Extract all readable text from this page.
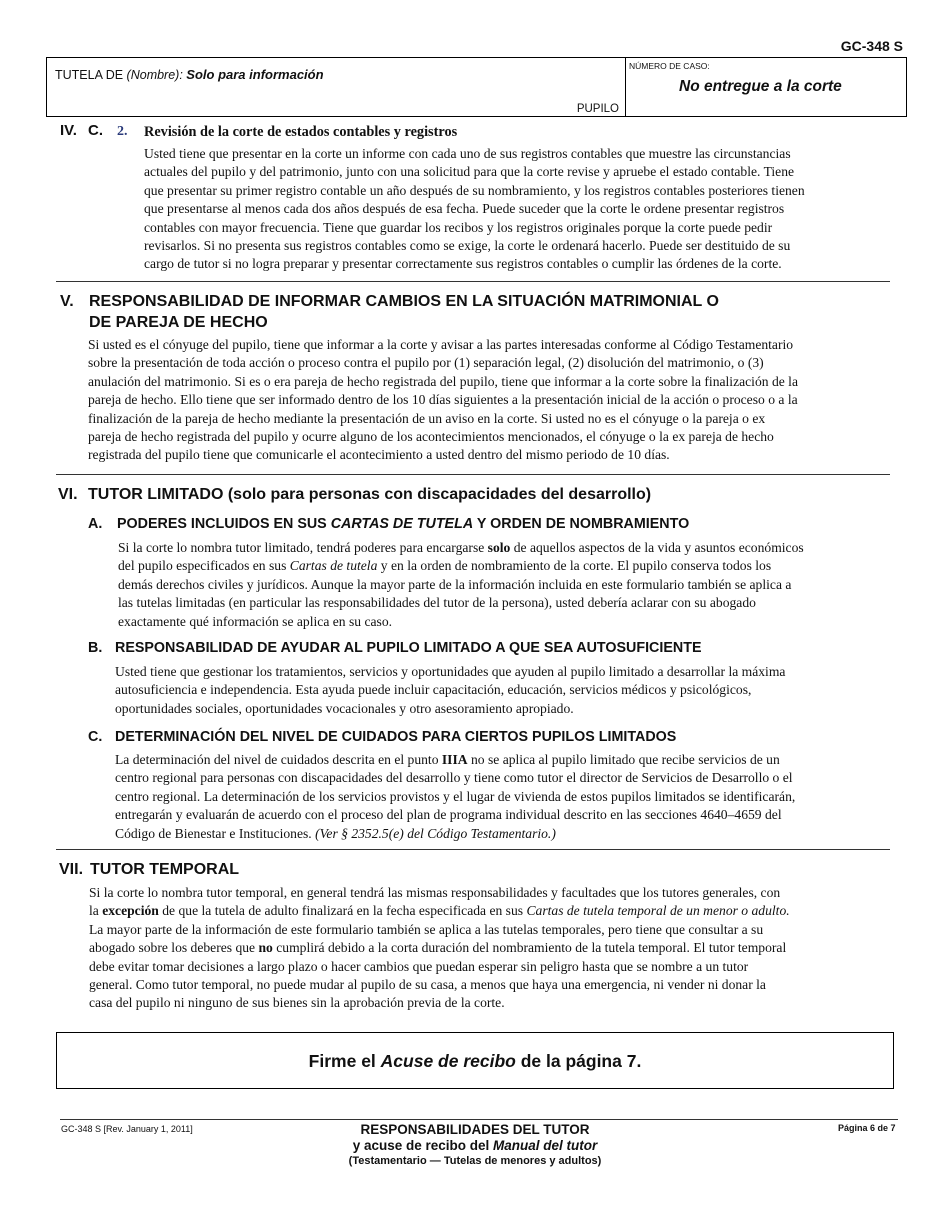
GC-348 S
TUTELA DE (Nombre): Solo para información
PUPILO
NÚMERO DE CASO:
No entregue a la corte
IV. C. 2. Revisión de la corte de estados contables y registros
Usted tiene que presentar en la corte un informe con cada uno de sus registros contables que muestre las circunstancias
actuales del pupilo y del patrimonio, junto con una solicitud para que la corte revise y apruebe el estado contable. Tiene
que presentar su primer registro contable un año después de su nombramiento, y los registros contables posteriores tienen
que presentarse al menos cada dos años después de esa fecha. Puede suceder que la corte le ordene presentar registros
contables con mayor frecuencia. Tiene que guardar los recibos y los registros originales porque la corte puede pedir
revisarlos. Si no presenta sus registros contables como se exige, la corte le ordenará hacerlo. Puede ser destituido de su
cargo de tutor si no logra preparar y presentar correctamente sus registros contables o cumplir las órdenes de la corte.
V. RESPONSABILIDAD DE INFORMAR CAMBIOS EN LA SITUACIÓN MATRIMONIAL O
DE PAREJA DE HECHO
Si usted es el cónyuge del pupilo, tiene que informar a la corte y avisar a las partes interesadas conforme al Código Testamentario
sobre la presentación de toda acción o proceso contra el pupilo por (1) separación legal, (2) disolución del matrimonio, o (3)
anulación del matrimonio. Si es o era pareja de hecho registrada del pupilo, tiene que informar a la corte sobre la finalización de la
pareja de hecho. Ello tiene que ser informado dentro de los 10 días siguientes a la presentación inicial de la acción o proceso o a la
finalización de la pareja de hecho mediante la presentación de un aviso en la corte. Si usted no es el cónyuge o la pareja o ex
pareja de hecho registrada del pupilo y ocurre alguno de los acontecimientos mencionados, el cónyuge o la ex pareja de hecho
registrada del pupilo tiene que comunicarle el acontecimiento a usted dentro del mismo periodo de 10 días.
VI. TUTOR LIMITADO (solo para personas con discapacidades del desarrollo)
A. PODERES INCLUIDOS EN SUS CARTAS DE TUTELA Y ORDEN DE NOMBRAMIENTO
Si la corte lo nombra tutor limitado, tendrá poderes para encargarse solo de aquellos aspectos de la vida y asuntos económicos
del pupilo especificados en sus Cartas de tutela y en la orden de nombramiento de la corte. El pupilo conserva todos los
demás derechos civiles y jurídicos. Aunque la mayor parte de la información incluida en este formulario también se aplica a
las tutelas limitadas (en particular las responsabilidades del tutor de la persona), usted debería aclarar con su abogado
exactamente qué información se aplica en su caso.
B. RESPONSABILIDAD DE AYUDAR AL PUPILO LIMITADO A QUE SEA AUTOSUFICIENTE
Usted tiene que gestionar los tratamientos, servicios y oportunidades que ayuden al pupilo limitado a desarrollar la máxima
autosuficiencia e independencia. Esta ayuda puede incluir capacitación, educación, servicios médicos y psicológicos,
oportunidades sociales, oportunidades vocacionales y otro asesoramiento apropiado.
C. DETERMINACIÓN DEL NIVEL DE CUIDADOS PARA CIERTOS PUPILOS LIMITADOS
La determinación del nivel de cuidados descrita en el punto IIIA no se aplica al pupilo limitado que recibe servicios de un
centro regional para personas con discapacidades del desarrollo y tiene como tutor el director de Servicios de Desarrollo o el
centro regional. La determinación de los servicios provistos y el lugar de vivienda de estos pupilos limitados se identificarán,
entregarán y evaluarán de acuerdo con el proceso del plan de programa individual descrito en las secciones 4640–4659 del
Código de Bienestar e Instituciones. (Ver § 2352.5(e) del Código Testamentario.)
VII. TUTOR TEMPORAL
Si la corte lo nombra tutor temporal, en general tendrá las mismas responsabilidades y facultades que los tutores generales, con
la excepción de que la tutela de adulto finalizará en la fecha especificada en sus Cartas de tutela temporal de un menor o adulto.
La mayor parte de la información de este formulario también se aplica a las tutelas temporales, pero tiene que consultar a su
abogado sobre los deberes que no cumplirá debido a la corta duración del nombramiento de la tutela temporal. El tutor temporal
debe evitar tomar decisiones a largo plazo o hacer cambios que puedan esperar sin peligro hasta que se nombre a un tutor
general. Como tutor temporal, no puede mudar al pupilo de su casa, a menos que haya una emergencia, ni vender ni donar la
casa del pupilo ni ninguno de sus bienes sin la aprobación previa de la corte.
Firme el Acuse de recibo de la página 7.
GC-348 S [Rev. January 1, 2011]	RESPONSABILIDADES DEL TUTOR
y acuse de recibo del Manual del tutor
(Testamentario — Tutelas de menores y adultos)
Página 6 de 7
